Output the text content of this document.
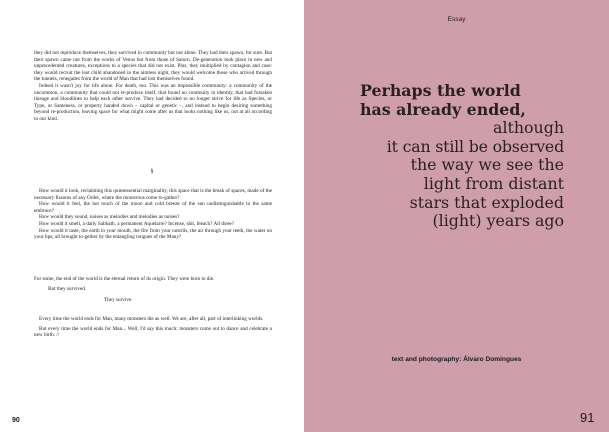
they did not reproduce themselves, they survived in community but not alone. They had their spawn, for sure. But their spawn came not from the works of Venus but from those of Saturn. De-generation took place in new and unprecedented creatures, exceptions to a species that did not exist. Plus, they multiplied by contagion and case: they would recruit the lost child abandoned in the aimless night, they would welcome those who arrived through the tunnels, renegades from the world of Man that had lost themselves found.

Indeed it wasn't joy for life alone. For death, too. This was an impossible community: a community of the uncommon, a community that could not re-produce itself, that found no continuity in identity, that had forsaken lineage and bloodlines to help each other survive. They had decided to no longer strive for life as Species, or Type, or Sameness, or property handed down – capital or genetic –, and instead to begin desiring something beyond re-production, leaving space for what might come after us that looks nothing like us, not at all according to our kind.

§

How would it look, reclaiming this quintessential marginality, this space that is the break of spaces, made of the necessary fissures of any Order, where the monstrous come to-gather?

How would it feel, the hot touch of the moon and cold breeze of the sun undistinguishable to the same embrace?

How would they sound, noises as melodies and melodies as noises?

How would it smell, a daily Sabbath, a permanent Aquelarre? Incense, shit, bleach? All three?

How would it taste, the earth in your mouth, the fire from your nostrils, the air through your teeth, the water on your lips, all brought to-gether by the entangling tongues of the Many?

For some, the end of the world is the eternal return of its origin. They were born to die.
But they survived.
They survive.

Every time the world ends for Man, many monsters die as well. We are, after all, part of interlinking worlds.

But every time the world ends for Man... Well, I'd say this much: monsters come out to dance and celebrate a new birth. //

90
Essay
Perhaps the world
has already ended,
although
it can still be observed
the way we see the
light from distant
stars that exploded
(light) years ago
text and photography: Álvaro Domingues
91
